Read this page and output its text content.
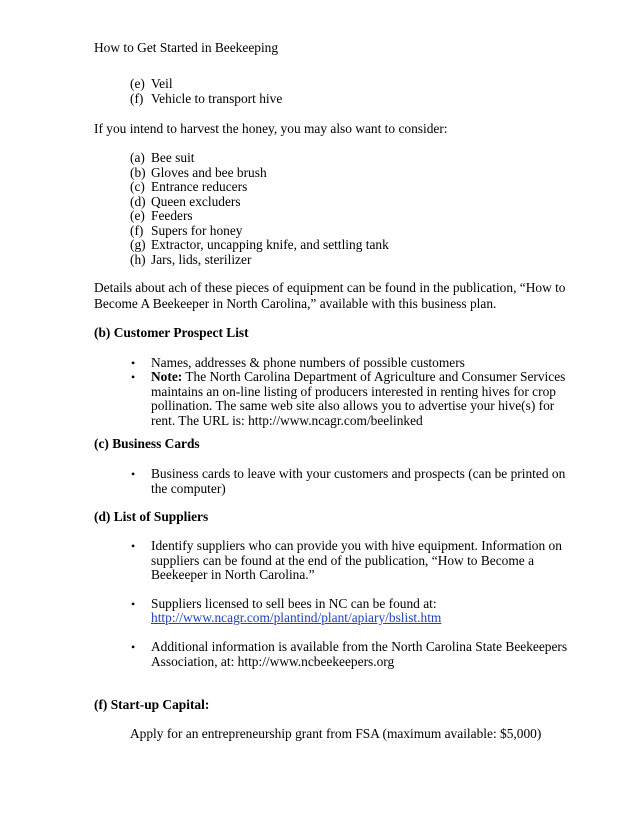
How to Get Started in Beekeeping
(e) Veil
(f) Vehicle to transport hive
If you intend to harvest the honey, you may also want to consider:
(a) Bee suit
(b) Gloves and bee brush
(c) Entrance reducers
(d) Queen excluders
(e) Feeders
(f) Supers for honey
(g) Extractor, uncapping knife, and settling tank
(h) Jars, lids, sterilizer
Details about ach of these pieces of equipment can be found in the publication, “How to
Become A Beekeeper in North Carolina,” available with this business plan.
(b) Customer Prospect List
• Names, addresses & phone numbers of possible customers
• Note: The North Carolina Department of Agriculture and Consumer Services
maintains an on-line listing of producers interested in renting hives for crop
pollination. The same web site also allows you to advertise your hive(s) for
rent. The URL is: http://www.ncagr.com/beelinked
(c) Business Cards
• Business cards to leave with your customers and prospects (can be printed on
the computer)
(d) List of Suppliers
• Identify suppliers who can provide you with hive equipment. Information on
suppliers can be found at the end of the publication, “How to Become a
Beekeeper in North Carolina.”
• Suppliers licensed to sell bees in NC can be found at:
http://www.ncagr.com/plantind/plant/apiary/bslist.htm
• Additional information is available from the North Carolina State Beekeepers
Association, at: http://www.ncbeekeepers.org
(f) Start-up Capital:
Apply for an entrepreneurship grant from FSA (maximum available: $5,000)
